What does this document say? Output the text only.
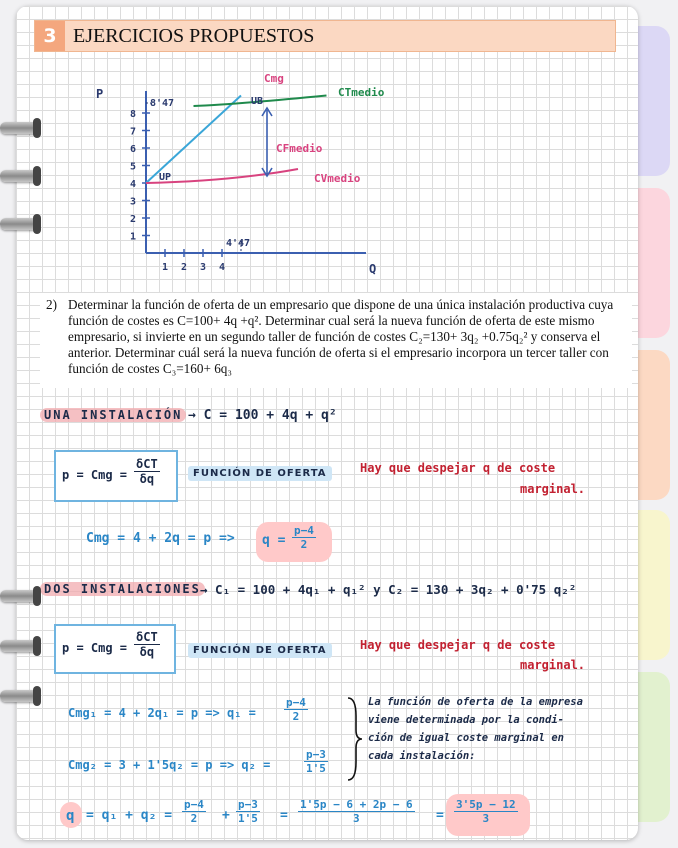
3 EJERCICIOS PROPUESTOS
P
Q
1
2
3
4
5
6
7
8
1 2 3 4
8'47
4'47
Cmg
CTmedio
CVmedio
UP
UB
CFmedio

2) Determinar la función de oferta de un empresario que dispone de una única instalación productiva cuya función de costes es C=100+ 4q +q². Determinar cual será la nueva función de oferta de este mismo empresario, si invierte en un segundo taller de función de costes C₂=130+ 3q₂ +0.75q₂² y conserva el anterior. Determinar cuál será la nueva función de oferta si el empresario incorpora un tercer taller con función de costes C₃=160+ 6q₃

UNA INSTALACIÓN → C = 100 + 4q + q²
p = Cmg =
δCT
δq	FUNCIÓN DE OFERTA	Hay que despejar q de coste
marginal.
Cmg = $4 + 2q = p => q = \frac{p-4}{2}$
DOS INSTALACIONES → C₁ = 100 + 4q₁ + q₁² y C₂ = 130 + 3q₂ + 0'75 q₂²
p = Cmg =
δCT
δq	FUNCIÓN DE OFERTA	Hay que despejar q de coste
marginal.
Cmg₁ = 4 + 2q₁ = p => q₁ =	$\frac{p-4}{2}$
Cmg₂ = 3 + 1'5q₂ = p => q₂ =	$\frac{p-3}{1'5}$
La función de oferta de la empresa
viene determinada por la condi-
ción de igual coste marginal en
cada instalación:
$q = q_1 + q_2 = \frac{p-4}{2} + \frac{p-3}{1'5} = \frac{1'5p - 6 + 2p - 6}{3} = \frac{3'5p - 12}{3}$
